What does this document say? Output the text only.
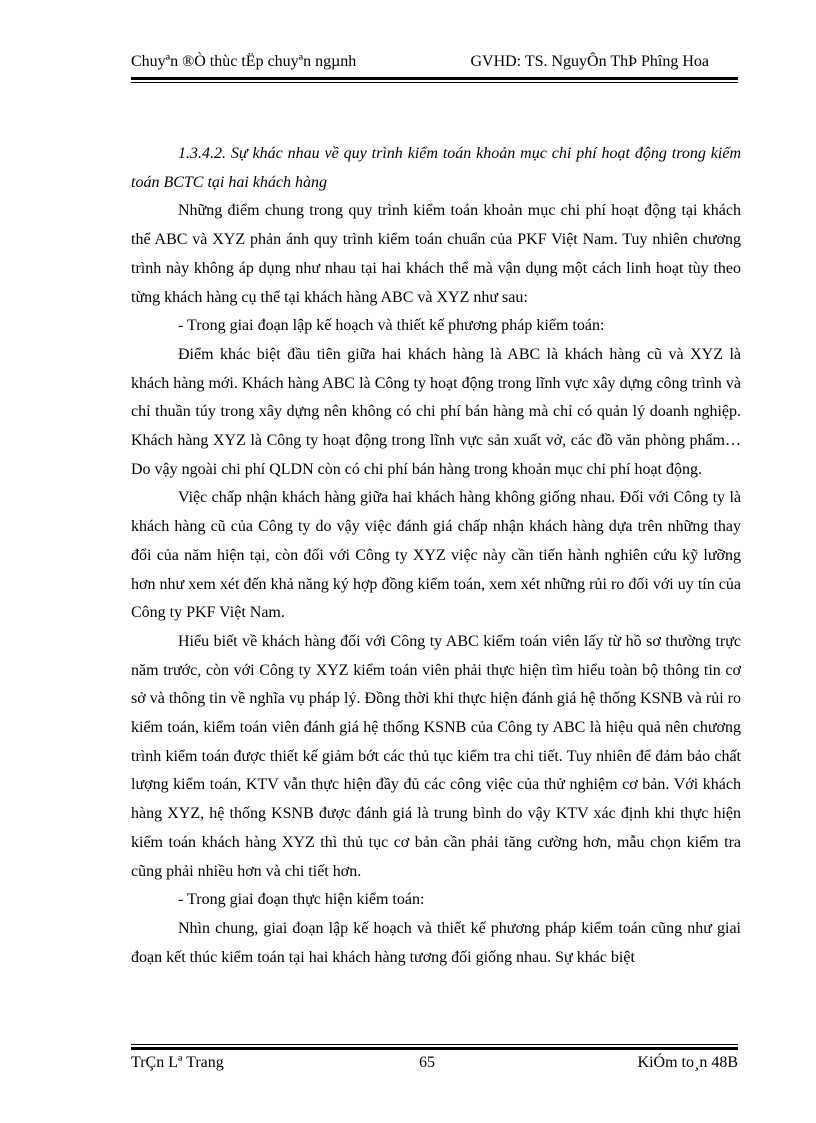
Chuyªn ®Ò thùc tËp chuyªn ngµnh	GVHD: TS. NguyÔn ThÞ Phîng Hoa

1.3.4.2. Sự khác nhau về quy trình kiểm toán khoản mục chi phí hoạt động trong kiểm toán BCTC tại hai khách hàng

Những điểm chung trong quy trình kiểm toán khoản mục chi phí hoạt động tại khách thể ABC và XYZ phản ánh quy trình kiểm toán chuẩn của PKF Việt Nam. Tuy nhiên chương trình này không áp dụng như nhau tại hai khách thể mà vận dụng một cách linh hoạt tùy theo từng khách hàng cụ thể tại khách hàng ABC và XYZ như sau:

- Trong giai đoạn lập kế hoạch và thiết kế phương pháp kiểm toán:

Điểm khác biệt đầu tiên giữa hai khách hàng là ABC là khách hàng cũ và XYZ là khách hàng mới. Khách hàng ABC là Công ty hoạt động trong lĩnh vực xây dựng công trình và chỉ thuần túy trong xây dựng nên không có chi phí bán hàng mà chỉ có quản lý doanh nghiệp. Khách hàng XYZ là Công ty hoạt động trong lĩnh vực sản xuất vở, các đồ văn phòng phẩm… Do vậy ngoài chi phí QLDN còn có chi phí bán hàng trong khoản mục chi phí hoạt động.

Việc chấp nhận khách hàng giữa hai khách hàng không giống nhau. Đối với Công ty là khách hàng cũ của Công ty do vậy việc đánh giá chấp nhận khách hàng dựa trên những thay đổi của năm hiện tại, còn đối với Công ty XYZ việc này cần tiến hành nghiên cứu kỹ lưỡng hơn như xem xét đến khả năng ký hợp đồng kiểm toán, xem xét những rủi ro đối với uy tín của Công ty PKF Việt Nam.

Hiểu biết về khách hàng đối với Công ty ABC kiểm toán viên lấy từ hồ sơ thường trực năm trước, còn với Công ty XYZ kiểm toán viên phải thực hiện tìm hiểu toàn bộ thông tin cơ sở và thông tin về nghĩa vụ pháp lý. Đồng thời khi thực hiện đánh giá hệ thống KSNB và rủi ro kiểm toán, kiểm toán viên đánh giá hệ thống KSNB của Công ty ABC là hiệu quả nên chương trình kiểm toán được thiết kế giảm bớt các thủ tục kiểm tra chi tiết. Tuy nhiên để đảm bảo chất lượng kiểm toán, KTV vẫn thực hiện đầy đủ các công việc của thử nghiệm cơ bản. Với khách hàng XYZ, hệ thống KSNB được đánh giá là trung bình do vậy KTV xác định khi thực hiện kiểm toán khách hàng XYZ thì thủ tục cơ bản cần phải tăng cường hơn, mẫu chọn kiểm tra cũng phải nhiều hơn và chi tiết hơn.

- Trong giai đoạn thực hiện kiểm toán:

Nhìn chung, giai đoạn lập kế hoạch và thiết kế phương pháp kiểm toán cũng như giai đoạn kết thúc kiểm toán tại hai khách hàng tương đối giống nhau. Sự khác biệt

TrÇn Lª Trang	65	KiÓm to¸n 48B
